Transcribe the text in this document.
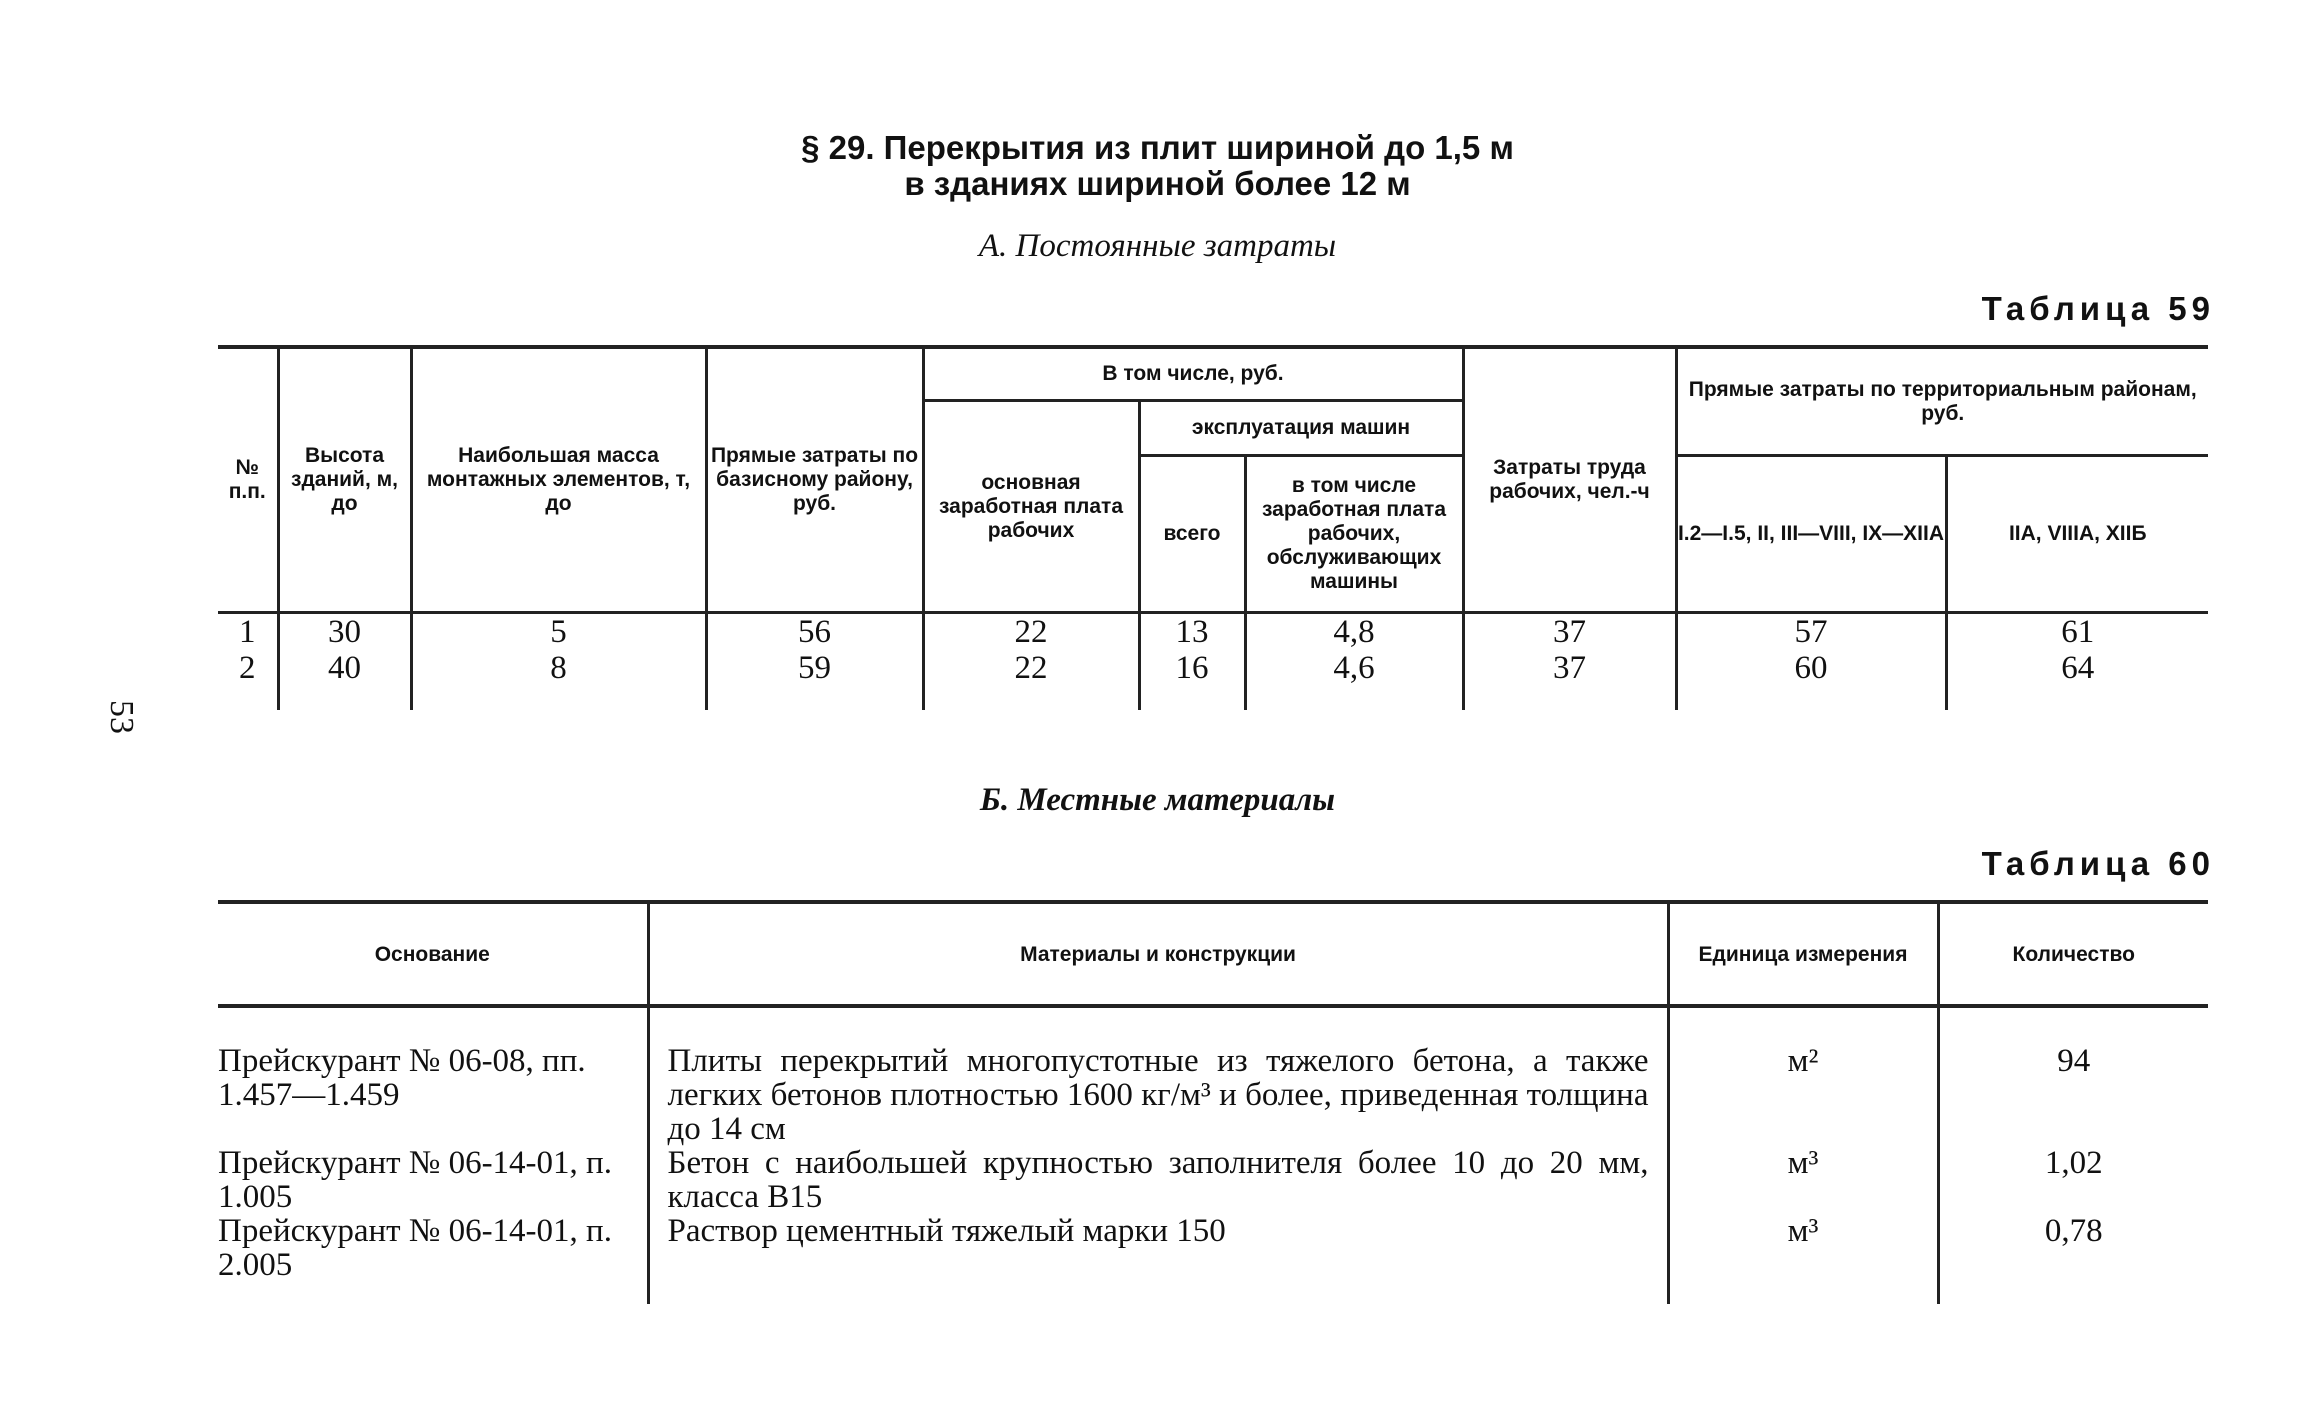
§ 29. Перекрытия из плит шириной до 1,5 м
в зданиях шириной более 12 м
А. Постоянные затраты
Таблица 59
53
№ п.п.	Высота зданий, м, до	Наибольшая масса монтажных элементов, т, до	Прямые затраты по базисному району, руб.	В том числе, руб.			Затраты труда рабочих, чел.-ч	Прямые затраты по территориальным районам, руб.	
				основная заработная плата рабочих	эксплуатация машин				
					всего	в том числе заработная плата рабочих, обслуживающих машины		I.2—I.5, II, III—VIII, IX—XIIA	IIA, VIIIA, XIIБ
1	30	5	56	22	13	4,8	37	57	61
2	40	8	59	22	16	4,6	37	60	64
Б. Местные материалы
Таблица 60
Основание	Материалы и конструкции	Единица измерения	Количество
Прейскурант № 06-08, пп. 1.457—1.459	Плиты перекрытий многопустотные из тяжелого бетона, а также легких бетонов плотностью 1600 кг/м³ и более, приведенная толщина до 14 см	м²	94
Прейскурант № 06-14-01, п. 1.005	Бетон с наибольшей крупностью заполнителя более 10 до 20 мм, класса В15	м³	1,02
Прейскурант № 06-14-01, п. 2.005	Раствор цементный тяжелый марки 150	м³	0,78
